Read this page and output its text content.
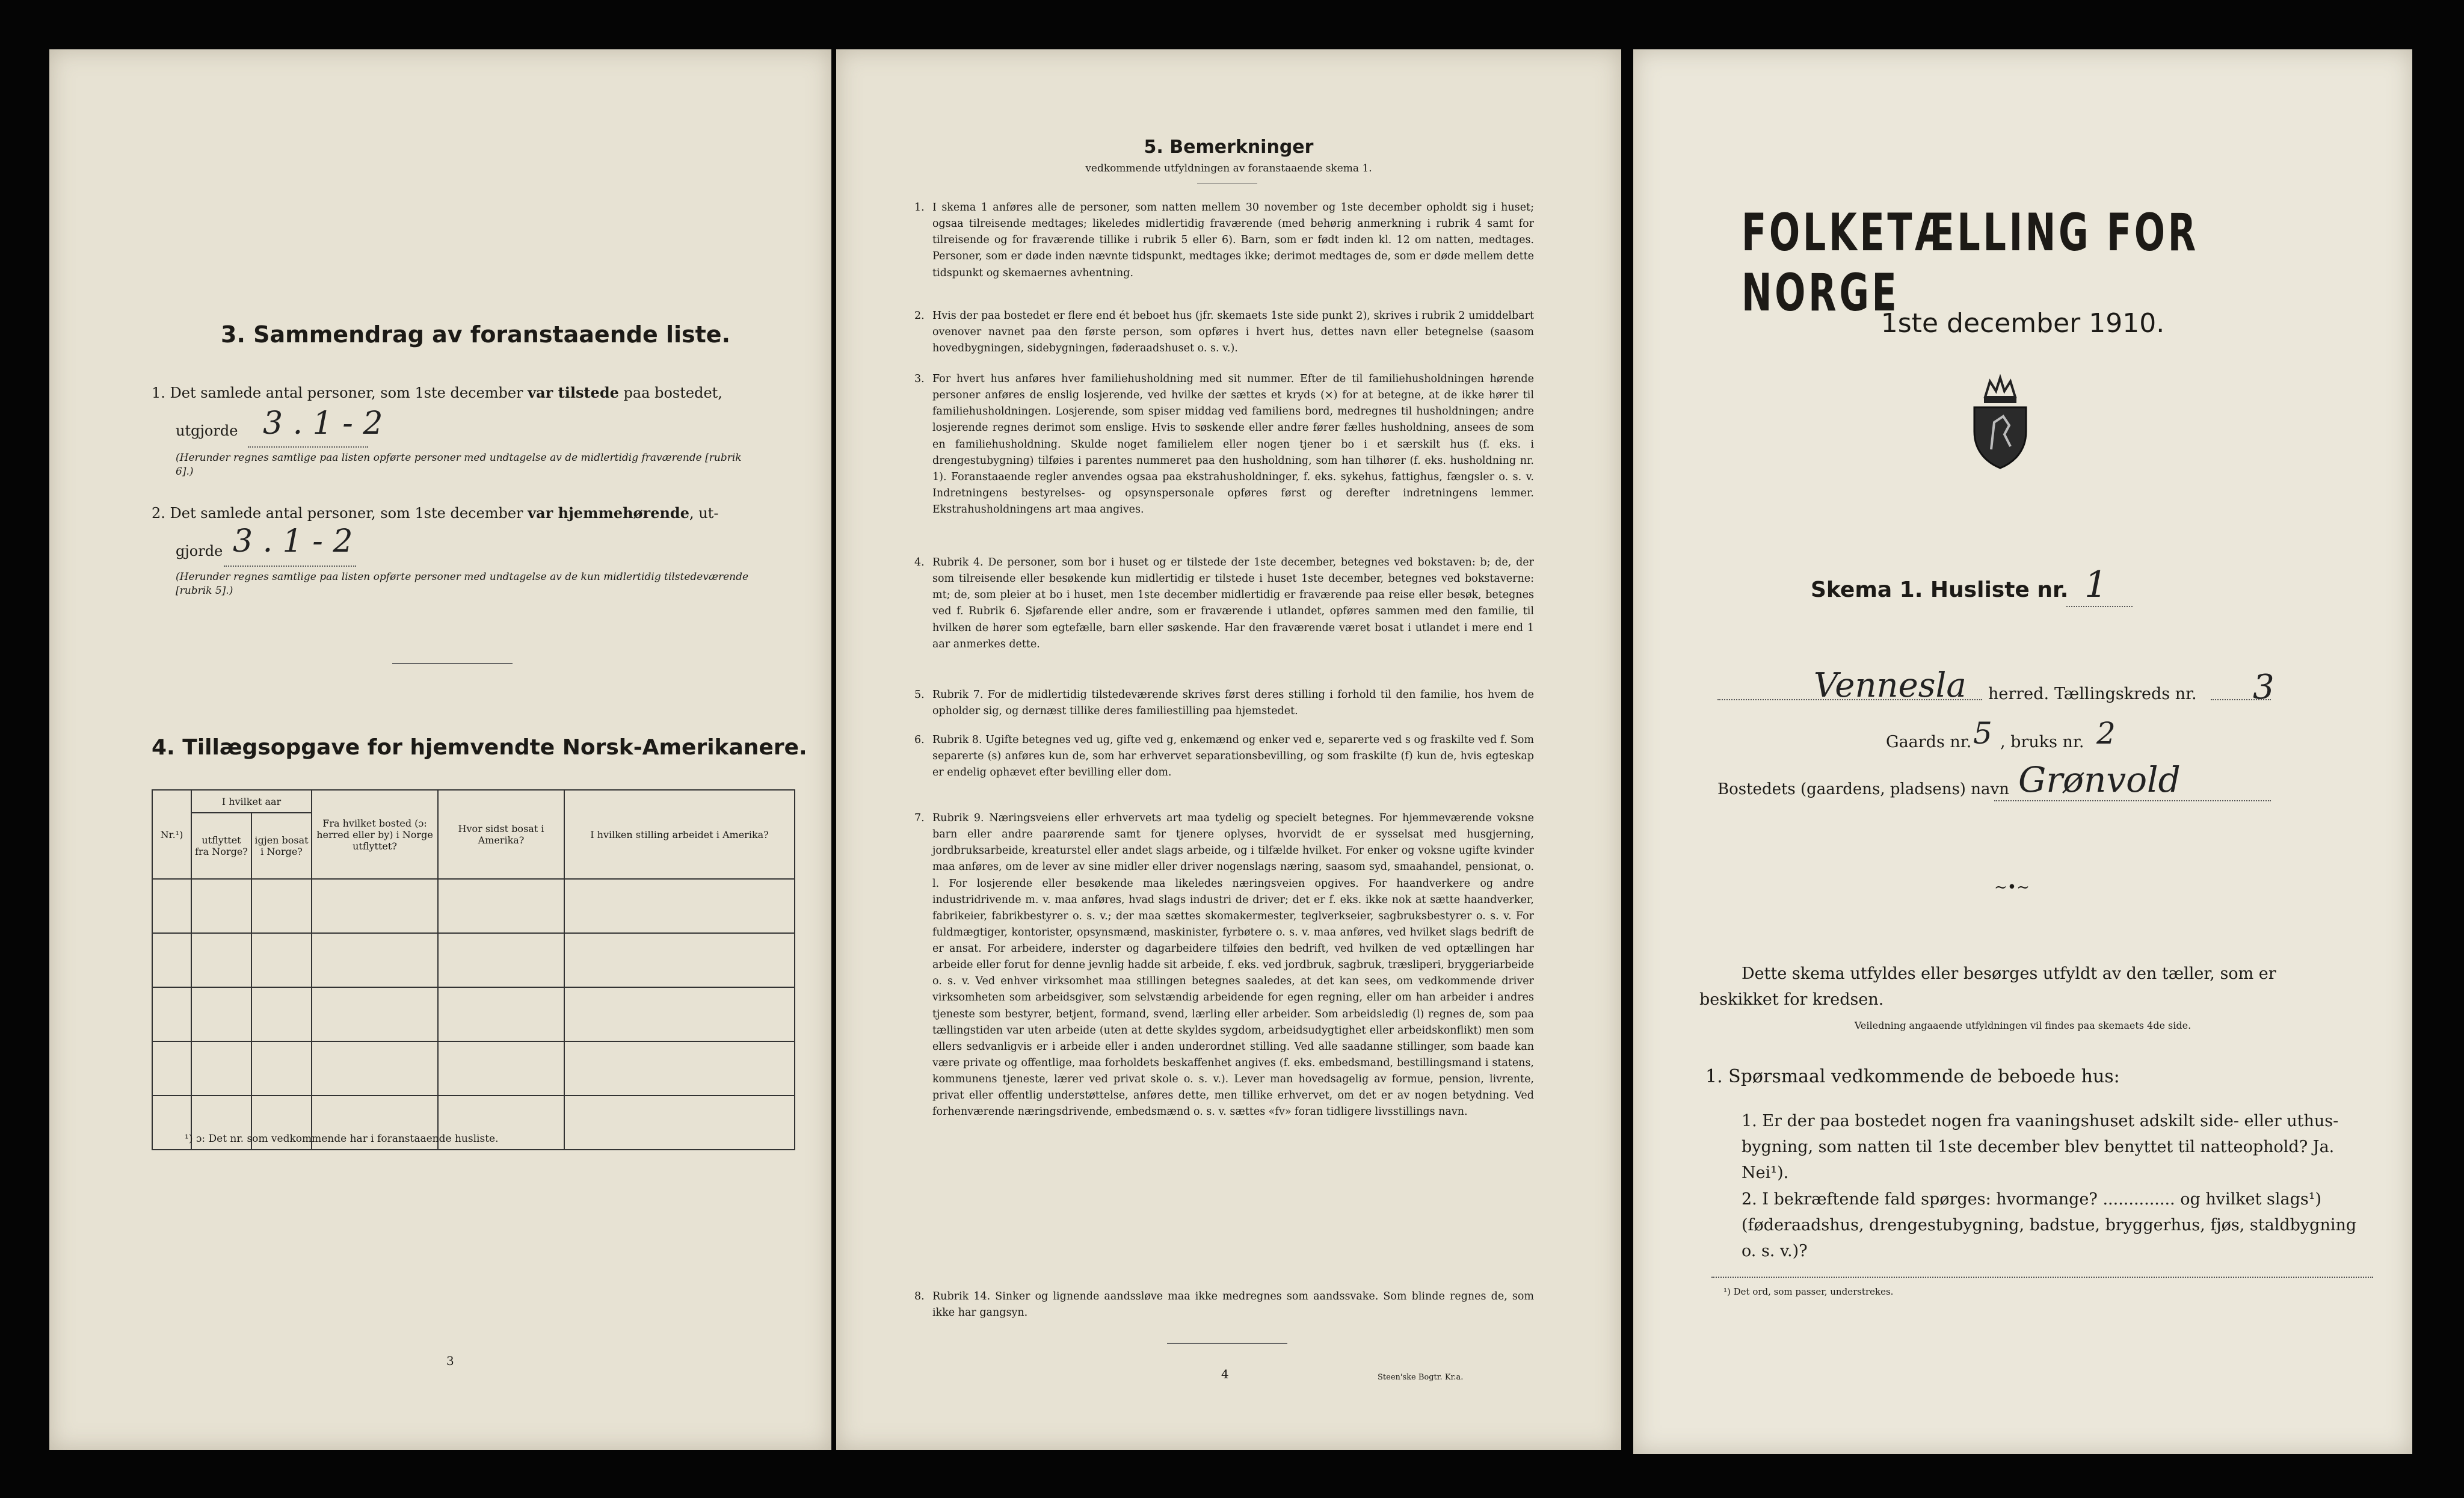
3. Sammendrag av foranstaaende liste.
1. Det samlede antal personer, som 1ste december var tilstede paa bostedet,
utgjorde 3 . 1 - 2
(Herunder regnes samtlige paa listen opførte personer med undtagelse av de midlertidig fraværende [rubrik 6].)
2. Det samlede antal personer, som 1ste december var hjemmehørende, ut-
gjorde 3 . 1 - 2
(Herunder regnes samtlige paa listen opførte personer med undtagelse av de kun midlertidig tilstedeværende [rubrik 5].)
4. Tillægsopgave for hjemvendte Norsk-Amerikanere.
Nr.¹)	I hvilket aar		Fra hvilket bosted (ɔ: herred eller by) i Norge utflyttet?	Hvor sidst bosat i Amerika?	I hvilken stilling arbeidet i Amerika?
	utflyttet fra Norge?	igjen bosat i Norge?			

¹) ɔ: Det nr. som vedkommende har i foranstaaende husliste.
3
5. Bemerkninger
vedkommende utfyldningen av foranstaaende skema 1.
1. I skema 1 anføres alle de personer, som natten mellem 30 november og 1ste december opholdt sig i huset; ogsaa tilreisende medtages; likeledes midlertidig fraværende (med behørig anmerkning i rubrik 4 samt for tilreisende og for fraværende tillike i rubrik 5 eller 6). Barn, som er født inden kl. 12 om natten, medtages. Personer, som er døde inden nævnte tidspunkt, medtages ikke; derimot medtages de, som er døde mellem dette tidspunkt og skemaernes avhentning.
2. Hvis der paa bostedet er flere end ét beboet hus (jfr. skemaets 1ste side punkt 2), skrives i rubrik 2 umiddelbart ovenover navnet paa den første person, som opføres i hvert hus, dettes navn eller betegnelse (saasom hovedbygningen, sidebygningen, føderaadshuset o. s. v.).
3. For hvert hus anføres hver familiehusholdning med sit nummer. Efter de til familiehusholdningen hørende personer anføres de enslig losjerende, ved hvilke der sættes et kryds (×) for at betegne, at de ikke hører til familiehusholdningen. Losjerende, som spiser middag ved familiens bord, medregnes til husholdningen; andre losjerende regnes derimot som enslige. Hvis to søskende eller andre fører fælles husholdning, ansees de som en familiehusholdning. Skulde noget familielem eller nogen tjener bo i et særskilt hus (f. eks. i drengestubygning) tilføies i parentes nummeret paa den husholdning, som han tilhører (f. eks. husholdning nr. 1). Foranstaaende regler anvendes ogsaa paa ekstrahusholdninger, f. eks. sykehus, fattighus, fængsler o. s. v. Indretningens bestyrelses- og opsynspersonale opføres først og derefter indretningens lemmer. Ekstrahusholdningens art maa angives.
4. Rubrik 4. De personer, som bor i huset og er tilstede der 1ste december, betegnes ved bokstaven: b; de, der som tilreisende eller besøkende kun midlertidig er tilstede i huset 1ste december, betegnes ved bokstaverne: mt; de, som pleier at bo i huset, men 1ste december midlertidig er fraværende paa reise eller besøk, betegnes ved f. Rubrik 6. Sjøfarende eller andre, som er fraværende i utlandet, opføres sammen med den familie, til hvilken de hører som egtefælle, barn eller søskende. Har den fraværende været bosat i utlandet i mere end 1 aar anmerkes dette.
5. Rubrik 7. For de midlertidig tilstedeværende skrives først deres stilling i forhold til den familie, hos hvem de opholder sig, og dernæst tillike deres familiestilling paa hjemstedet.
6. Rubrik 8. Ugifte betegnes ved ug, gifte ved g, enkemænd og enker ved e, separerte ved s og fraskilte ved f. Som separerte (s) anføres kun de, som har erhvervet separationsbevilling, og som fraskilte (f) kun de, hvis egteskap er endelig ophævet efter bevilling eller dom.
7. Rubrik 9. Næringsveiens eller erhvervets art maa tydelig og specielt betegnes. For hjemmeværende voksne barn eller andre paarørende samt for tjenere oplyses, hvorvidt de er sysselsat med husgjerning, jordbruksarbeide, kreaturstel eller andet slags arbeide, og i tilfælde hvilket. For enker og voksne ugifte kvinder maa anføres, om de lever av sine midler eller driver nogenslags næring, saasom syd, smaahandel, pensionat, o. l. For losjerende eller besøkende maa likeledes næringsveien opgives. For haandverkere og andre industridrivende m. v. maa anføres, hvad slags industri de driver; det er f. eks. ikke nok at sætte haandverker, fabrikeier, fabrikbestyrer o. s. v.; der maa sættes skomakermester, teglverkseier, sagbruksbestyrer o. s. v. For fuldmægtiger, kontorister, opsynsmænd, maskinister, fyrbøtere o. s. v. maa anføres, ved hvilket slags bedrift de er ansat. For arbeidere, inderster og dagarbeidere tilføies den bedrift, ved hvilken de ved optællingen har arbeide eller forut for denne jevnlig hadde sit arbeide, f. eks. ved jordbruk, sagbruk, træsliperi, bryggeriarbeide o. s. v. Ved enhver virksomhet maa stillingen betegnes saaledes, at det kan sees, om vedkommende driver virksomheten som arbeidsgiver, som selvstændig arbeidende for egen regning, eller om han arbeider i andres tjeneste som bestyrer, betjent, formand, svend, lærling eller arbeider. Som arbeidsledig (l) regnes de, som paa tællingstiden var uten arbeide (uten at dette skyldes sygdom, arbeidsudygtighet eller arbeidskonflikt) men som ellers sedvanligvis er i arbeide eller i anden underordnet stilling. Ved alle saadanne stillinger, som baade kan være private og offentlige, maa forholdets beskaffenhet angives (f. eks. embedsmand, bestillingsmand i statens, kommunens tjeneste, lærer ved privat skole o. s. v.). Lever man hovedsagelig av formue, pension, livrente, privat eller offentlig understøttelse, anføres dette, men tillike erhvervet, om det er av nogen betydning. Ved forhenværende næringsdrivende, embedsmænd o. s. v. sættes «fv» foran tidligere livsstillings navn.
8. Rubrik 14. Sinker og lignende aandssløve maa ikke medregnes som aandssvake. Som blinde regnes de, som ikke har gangsyn.
4	Steen'ske Bogtr. Kr.a.
FOLKETÆLLING FOR NORGE
1ste december 1910.
Skema 1. Husliste nr. 1
Venneslа herred. Tællingskreds nr. 3
Gaards nr. 5 , bruks nr. 2
Bostedets (gaardens, pladsens) navn Grønvold
~•~
Dette skema utfyldes eller besørges utfyldt av den tæller, som er beskikket for kredsen.
Veiledning angaaende utfyldningen vil findes paa skemaets 4de side.
1. Spørsmaal vedkommende de beboede hus:
1. Er der paa bostedet nogen fra vaaningshuset adskilt side- eller uthus-bygning, som natten til 1ste december blev benyttet til natteophold? Ja. Nei¹).
2. I bekræftende fald spørges: hvormange? .............. og hvilket slags¹) (føderaadshus, drengestubygning, badstue, bryggerhus, fjøs, staldbygning o. s. v.)?
¹) Det ord, som passer, understrekes.
